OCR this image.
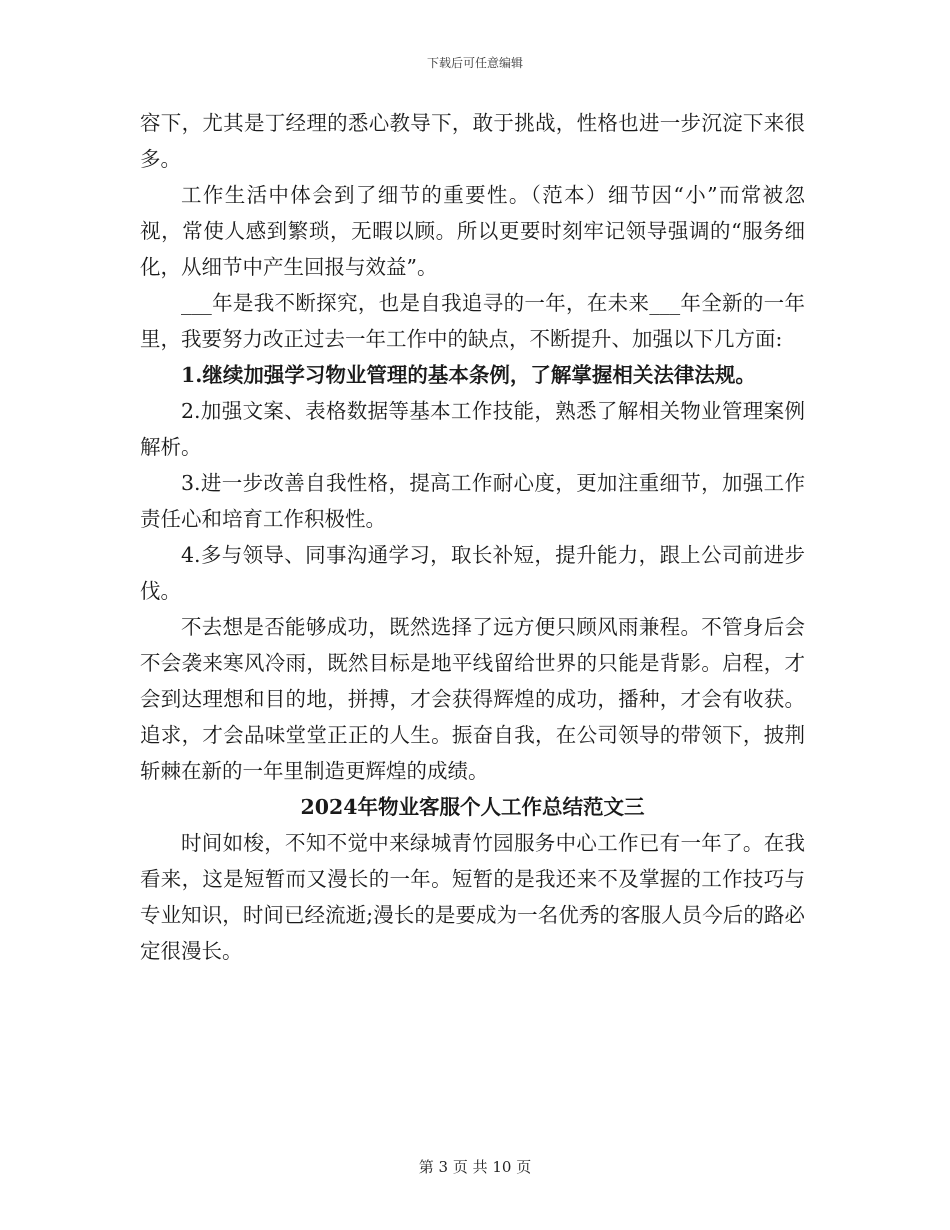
下载后可任意编辑

容下，尤其是丁经理的悉心教导下，敢于挑战，性格也进一步沉淀下来很多。

工作生活中体会到了细节的重要性。（范本）细节因“小”而常被忽视，常使人感到繁琐，无暇以顾。所以更要时刻牢记领导强调的“服务细化，从细节中产生回报与效益”。

___年是我不断探究，也是自我追寻的一年，在未来___年全新的一年里，我要努力改正过去一年工作中的缺点，不断提升、加强以下几方面:

1.继续加强学习物业管理的基本条例，了解掌握相关法律法规。

2.加强文案、表格数据等基本工作技能，熟悉了解相关物业管理案例解析。

3.进一步改善自我性格，提高工作耐心度，更加注重细节，加强工作责任心和培育工作积极性。

4.多与领导、同事沟通学习，取长补短，提升能力，跟上公司前进步伐。

不去想是否能够成功，既然选择了远方便只顾风雨兼程。不管身后会不会袭来寒风冷雨，既然目标是地平线留给世界的只能是背影。启程，才会到达理想和目的地，拼搏，才会获得辉煌的成功，播种，才会有收获。追求，才会品味堂堂正正的人生。振奋自我，在公司领导的带领下，披荆斩棘在新的一年里制造更辉煌的成绩。

2024年物业客服个人工作总结范文三

时间如梭，不知不觉中来绿城青竹园服务中心工作已有一年了。在我看来，这是短暂而又漫长的一年。短暂的是我还来不及掌握的工作技巧与专业知识，时间已经流逝;漫长的是要成为一名优秀的客服人员今后的路必定很漫长。

第 3 页 共 10 页
